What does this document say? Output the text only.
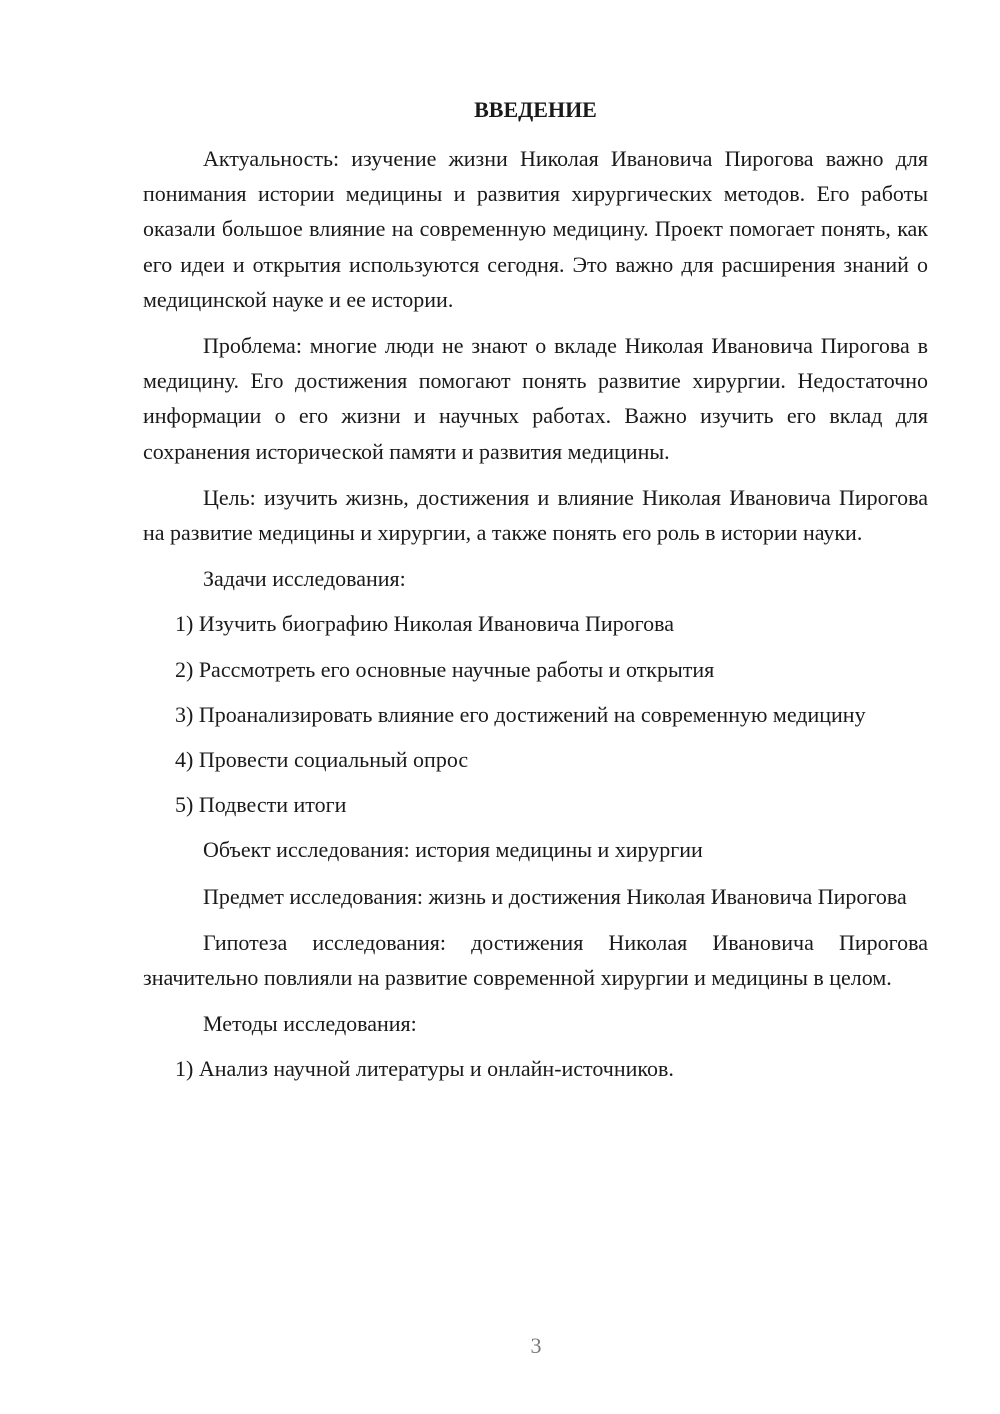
ВВЕДЕНИЕ

Актуальность: изучение жизни Николая Ивановича Пирогова важно для понимания истории медицины и развития хирургических методов. Его работы оказали большое влияние на современную медицину. Проект помогает понять, как его идеи и открытия используются сегодня. Это важно для расширения знаний о медицинской науке и ее истории.

Проблема: многие люди не знают о вкладе Николая Ивановича Пирогова в медицину. Его достижения помогают понять развитие хирургии. Недостаточно информации о его жизни и научных работах. Важно изучить его вклад для сохранения исторической памяти и развития медицины.

Цель: изучить жизнь, достижения и влияние Николая Ивановича Пирогова на развитие медицины и хирургии, а также понять его роль в истории науки.

Задачи исследования:

1) Изучить биографию Николая Ивановича Пирогова

2) Рассмотреть его основные научные работы и открытия

3) Проанализировать влияние его достижений на современную медицину

4) Провести социальный опрос

5) Подвести итоги

Объект исследования: история медицины и хирургии

Предмет исследования: жизнь и достижения Николая Ивановича Пирогова

Гипотеза исследования: достижения Николая Ивановича Пирогова значительно повлияли на развитие современной хирургии и медицины в целом.

Методы исследования:

1) Анализ научной литературы и онлайн-источников.

3
